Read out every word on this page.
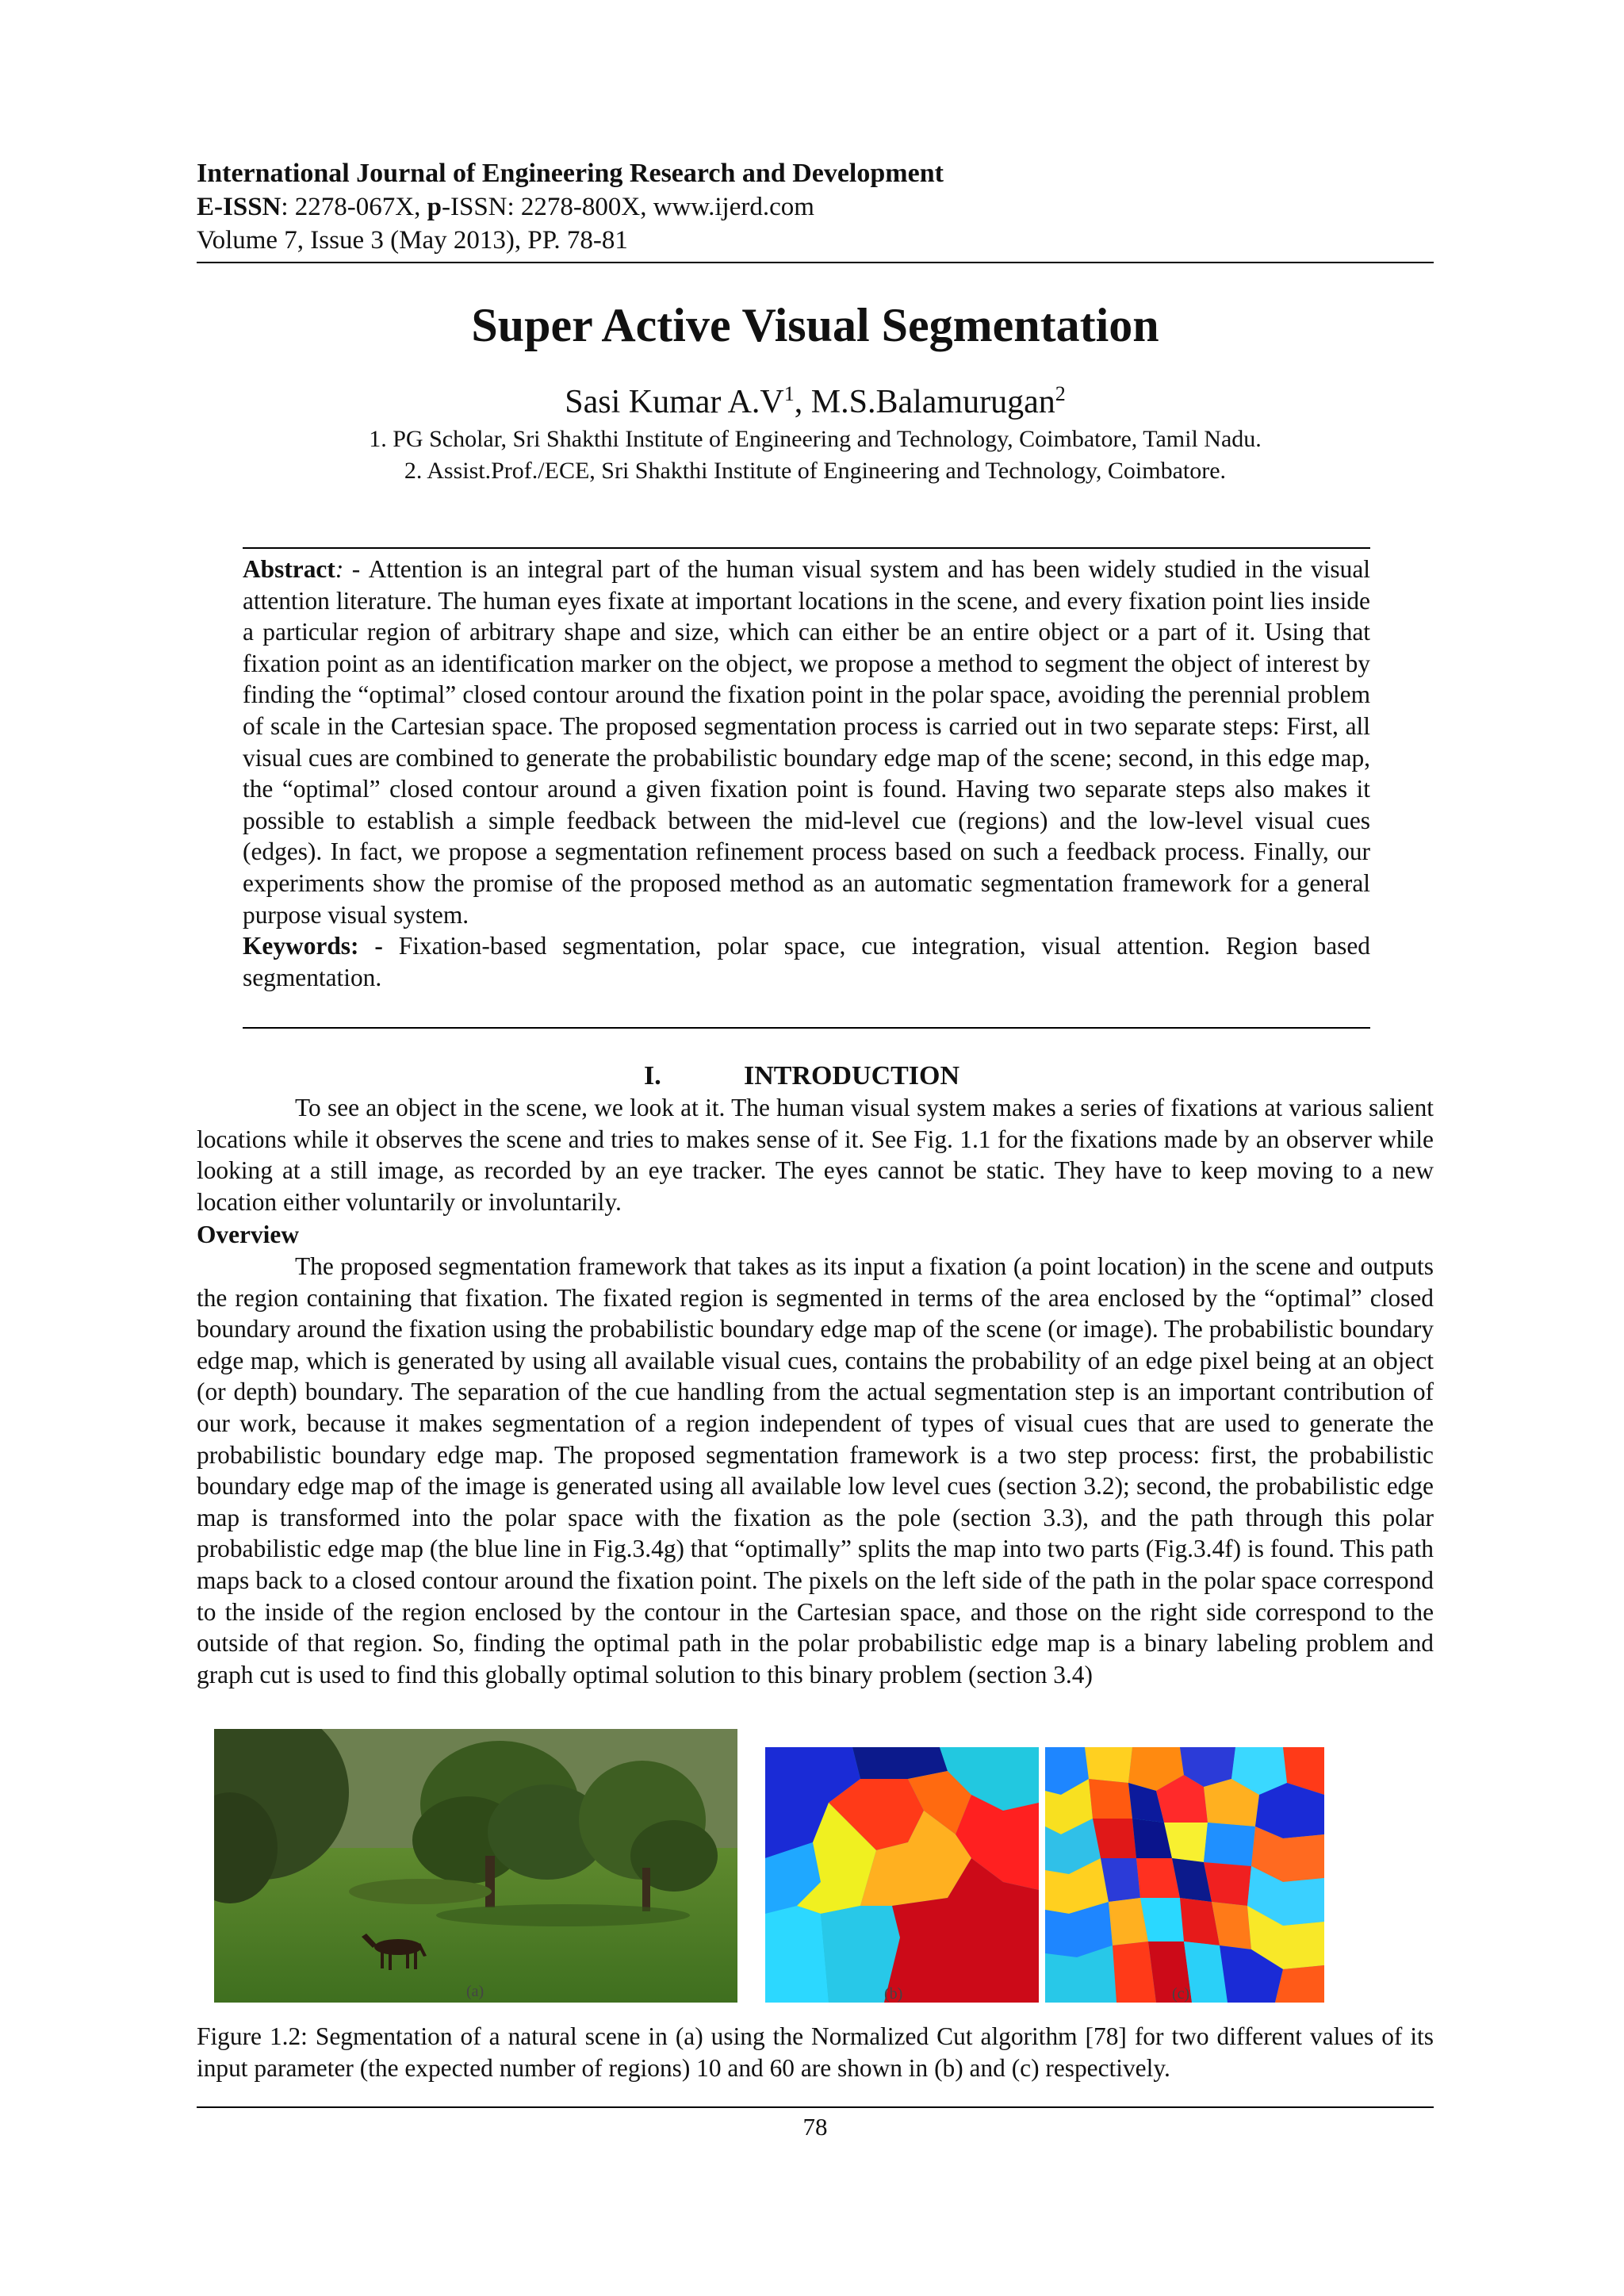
International Journal of Engineering Research and Development
E-ISSN: 2278-067X, p-ISSN: 2278-800X, www.ijerd.com
Volume 7, Issue 3 (May 2013), PP. 78-81
Super Active Visual Segmentation
Sasi Kumar $A.V^1$, M.S.Balamurugan$^2$
1. PG Scholar, Sri Shakthi Institute of Engineering and Technology, Coimbatore, Tamil Nadu.
2. Assist.Prof./ECE, Sri Shakthi Institute of Engineering and Technology, Coimbatore.
Abstract: - Attention is an integral part of the human visual system and has been widely studied in the visual attention literature. The human eyes fixate at important locations in the scene, and every fixation point lies inside a particular region of arbitrary shape and size, which can either be an entire object or a part of it. Using that fixation point as an identification marker on the object, we propose a method to segment the object of interest by finding the “optimal” closed contour around the fixation point in the polar space, avoiding the perennial problem of scale in the Cartesian space. The proposed segmentation process is carried out in two separate steps: First, all visual cues are combined to generate the probabilistic boundary edge map of the scene; second, in this edge map, the “optimal” closed contour around a given fixation point is found. Having two separate steps also makes it possible to establish a simple feedback between the mid-level cue (regions) and the low-level visual cues (edges). In fact, we propose a segmentation refinement process based on such a feedback process. Finally, our experiments show the promise of the proposed method as an automatic segmentation framework for a general purpose visual system.
Keywords: - Fixation-based segmentation, polar space, cue integration, visual attention. Region based segmentation.
I.	INTRODUCTION

To see an object in the scene, we look at it. The human visual system makes a series of fixations at various salient locations while it observes the scene and tries to makes sense of it. See Fig. 1.1 for the fixations made by an observer while looking at a still image, as recorded by an eye tracker. The eyes cannot be static. They have to keep moving to a new location either voluntarily or involuntarily.

Overview

The proposed segmentation framework that takes as its input a fixation (a point location) in the scene and outputs the region containing that fixation. The fixated region is segmented in terms of the area enclosed by the “optimal” closed boundary around the fixation using the probabilistic boundary edge map of the scene (or image). The probabilistic boundary edge map, which is generated by using all available visual cues, contains the probability of an edge pixel being at an object (or depth) boundary. The separation of the cue handling from the actual segmentation step is an important contribution of our work, because it makes segmentation of a region independent of types of visual cues that are used to generate the probabilistic boundary edge map. The proposed segmentation framework is a two step process: first, the probabilistic boundary edge map of the image is generated using all available low level cues (section 3.2); second, the probabilistic edge map is transformed into the polar space with the fixation as the pole (section 3.3), and the path through this polar probabilistic edge map (the blue line in Fig.3.4g) that “optimally” splits the map into two parts (Fig.3.4f) is found. This path maps back to a closed contour around the fixation point. The pixels on the left side of the path in the polar space correspond to the inside of the region enclosed by the contour in the Cartesian space, and those on the right side correspond to the outside of that region. So, finding the optimal path in the polar probabilistic edge map is a binary labeling problem and graph cut is used to find this globally optimal solution to this binary problem (section 3.4)

(a)	(b)	(c)
Figure 1.2: Segmentation of a natural scene in (a) using the Normalized Cut algorithm [78] for two different values of its input parameter (the expected number of regions) 10 and 60 are shown in (b) and (c) respectively.
78
